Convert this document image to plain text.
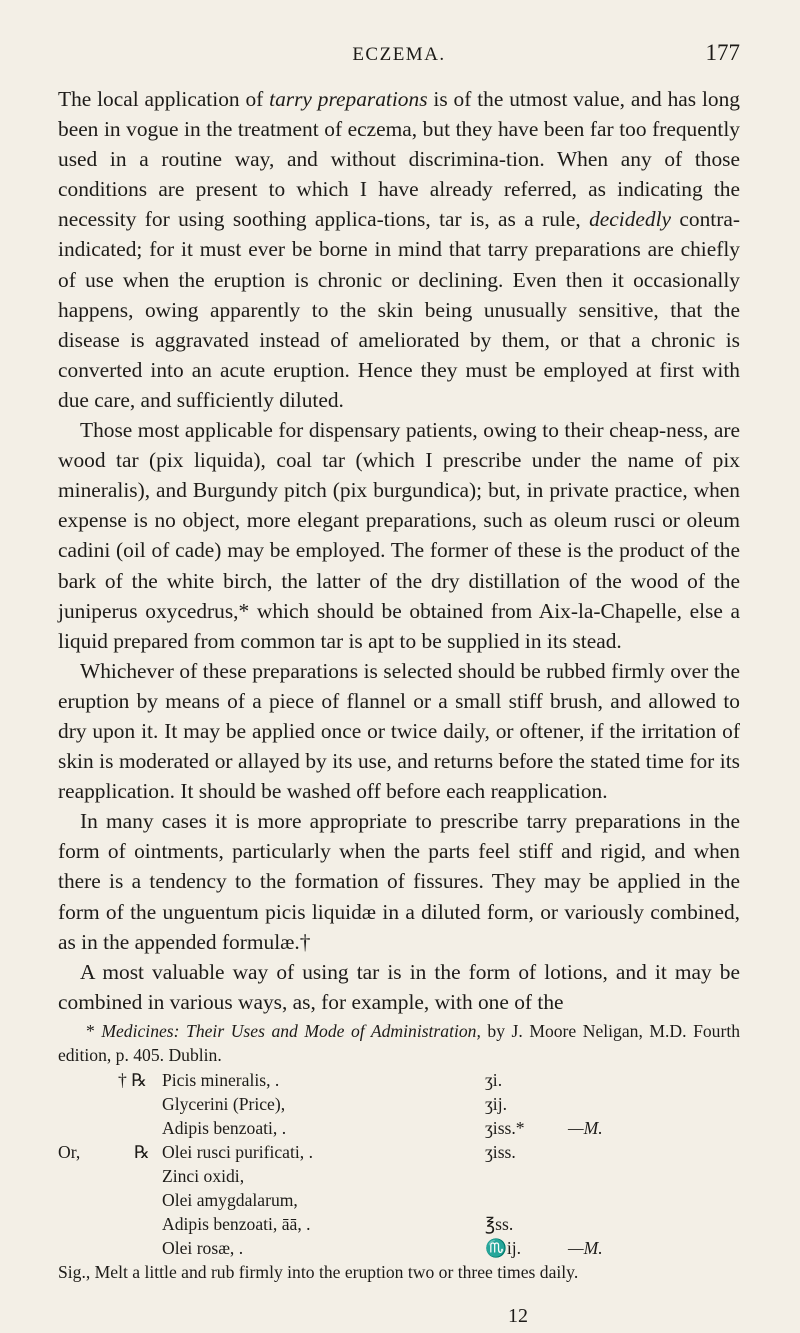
ECZEMA.	177

The local application of tarry preparations is of the utmost value, and has long been in vogue in the treatment of eczema, but they have been far too frequently used in a routine way, and without discrimina-tion. When any of those conditions are present to which I have already referred, as indicating the necessity for using soothing applica-tions, tar is, as a rule, decidedly contra-indicated; for it must ever be borne in mind that tarry preparations are chiefly of use when the eruption is chronic or declining. Even then it occasionally happens, owing apparently to the skin being unusually sensitive, that the disease is aggravated instead of ameliorated by them, or that a chronic is converted into an acute eruption. Hence they must be employed at first with due care, and sufficiently diluted.

Those most applicable for dispensary patients, owing to their cheap-ness, are wood tar (pix liquida), coal tar (which I prescribe under the name of pix mineralis), and Burgundy pitch (pix burgundica); but, in private practice, when expense is no object, more elegant preparations, such as oleum rusci or oleum cadini (oil of cade) may be employed. The former of these is the product of the bark of the white birch, the latter of the dry distillation of the wood of the juniperus oxycedrus,* which should be obtained from Aix-la-Chapelle, else a liquid prepared from common tar is apt to be supplied in its stead.

Whichever of these preparations is selected should be rubbed firmly over the eruption by means of a piece of flannel or a small stiff brush, and allowed to dry upon it. It may be applied once or twice daily, or oftener, if the irritation of skin is moderated or allayed by its use, and returns before the stated time for its reapplication. It should be washed off before each reapplication.

In many cases it is more appropriate to prescribe tarry preparations in the form of ointments, particularly when the parts feel stiff and rigid, and when there is a tendency to the formation of fissures. They may be applied in the form of the unguentum picis liquidæ in a diluted form, or variously combined, as in the appended formulæ.†

A most valuable way of using tar is in the form of lotions, and it may be combined in various ways, as, for example, with one of the

* Medicines: Their Uses and Mode of Administration, by J. Moore Neligan, M.D. Fourth edition, p. 405. Dublin.
† ℞ Picis mineralis, .	ʒi.
Glycerini (Price),	ʒij.
Adipis benzoati, .	ʒiss.* —M.
Or,	℞ Olei rusci purificati, .	ʒiss.
Zinci oxidi,
Olei amygdalarum,
Adipis benzoati, āā, .	℥ss.
Olei rosæ, .	♏ij.	—M.
Sig., Melt a little and rub firmly into the eruption two or three times daily.
12
